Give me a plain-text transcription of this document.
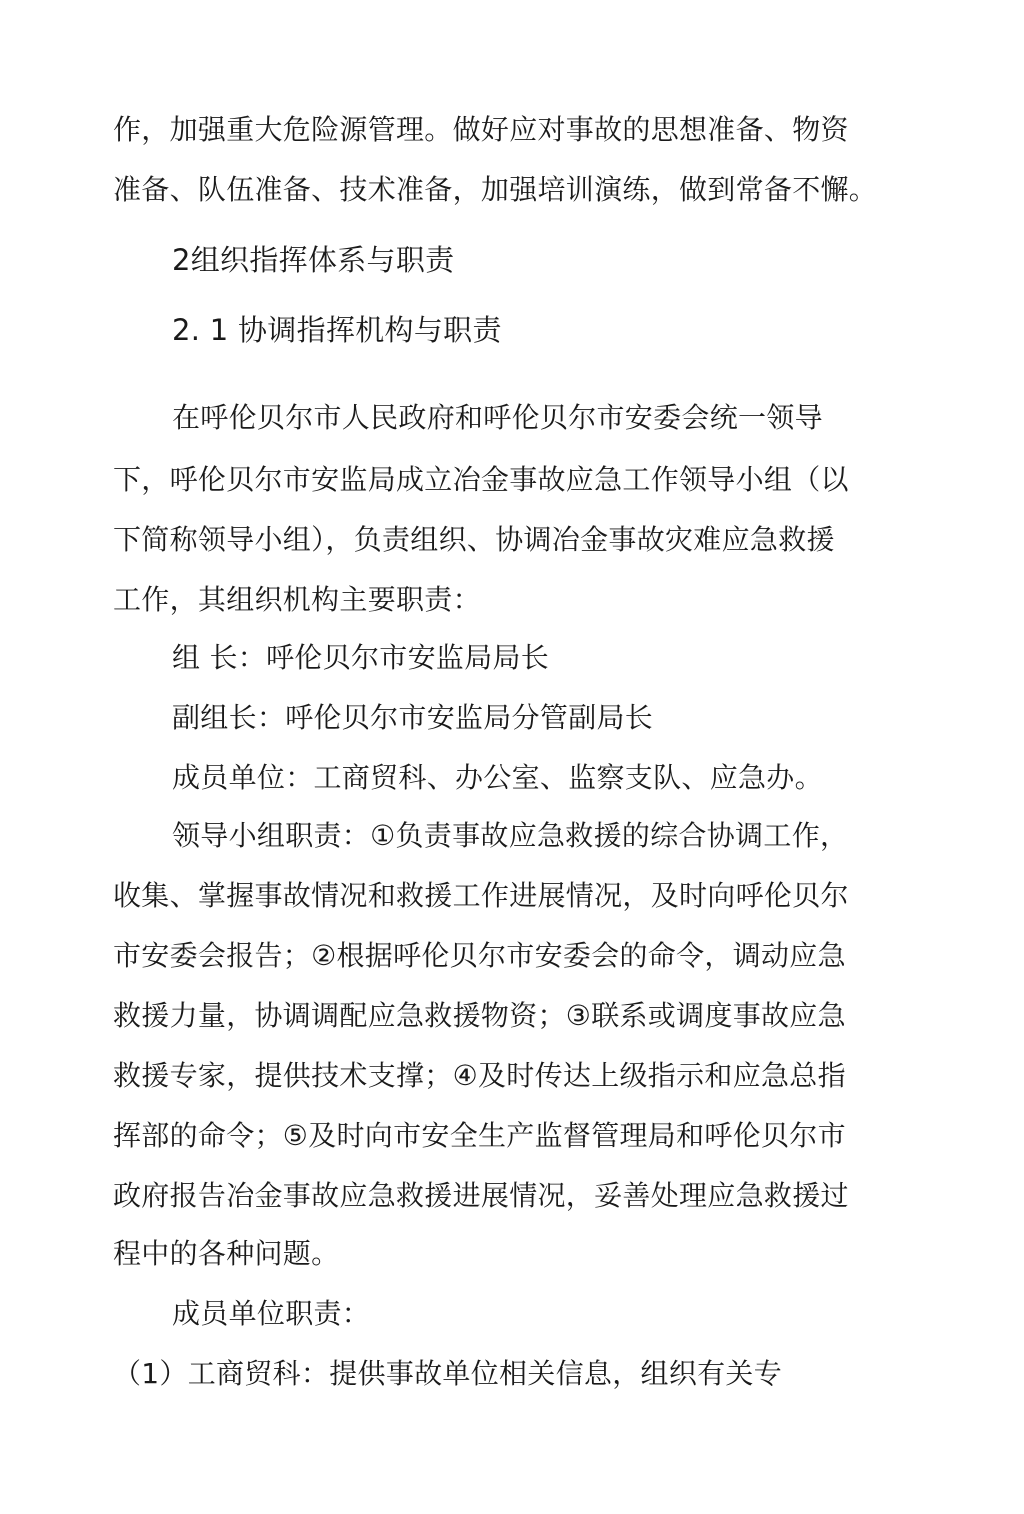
作，加强重大危险源管理。做好应对事故的思想准备、物资
准备、队伍准备、技术准备，加强培训演练，做到常备不懈。
2组织指挥体系与职责
2. 1 协调指挥机构与职责
在呼伦贝尔市人民政府和呼伦贝尔市安委会统一领导
下，呼伦贝尔市安监局成立冶金事故应急工作领导小组（以
下简称领导小组），负责组织、协调冶金事故灾难应急救援
工作，其组织机构主要职责：
组 长：呼伦贝尔市安监局局长
副组长：呼伦贝尔市安监局分管副局长
成员单位：工商贸科、办公室、监察支队、应急办。
领导小组职责：①负责事故应急救援的综合协调工作，
收集、掌握事故情况和救援工作进展情况，及时向呼伦贝尔
市安委会报告；②根据呼伦贝尔市安委会的命令，调动应急
救援力量，协调调配应急救援物资；③联系或调度事故应急
救援专家，提供技术支撑；④及时传达上级指示和应急总指
挥部的命令；⑤及时向市安全生产监督管理局和呼伦贝尔市
政府报告冶金事故应急救援进展情况，妥善处理应急救援过
程中的各种问题。
成员单位职责：
（1）工商贸科：提供事故单位相关信息，组织有关专
